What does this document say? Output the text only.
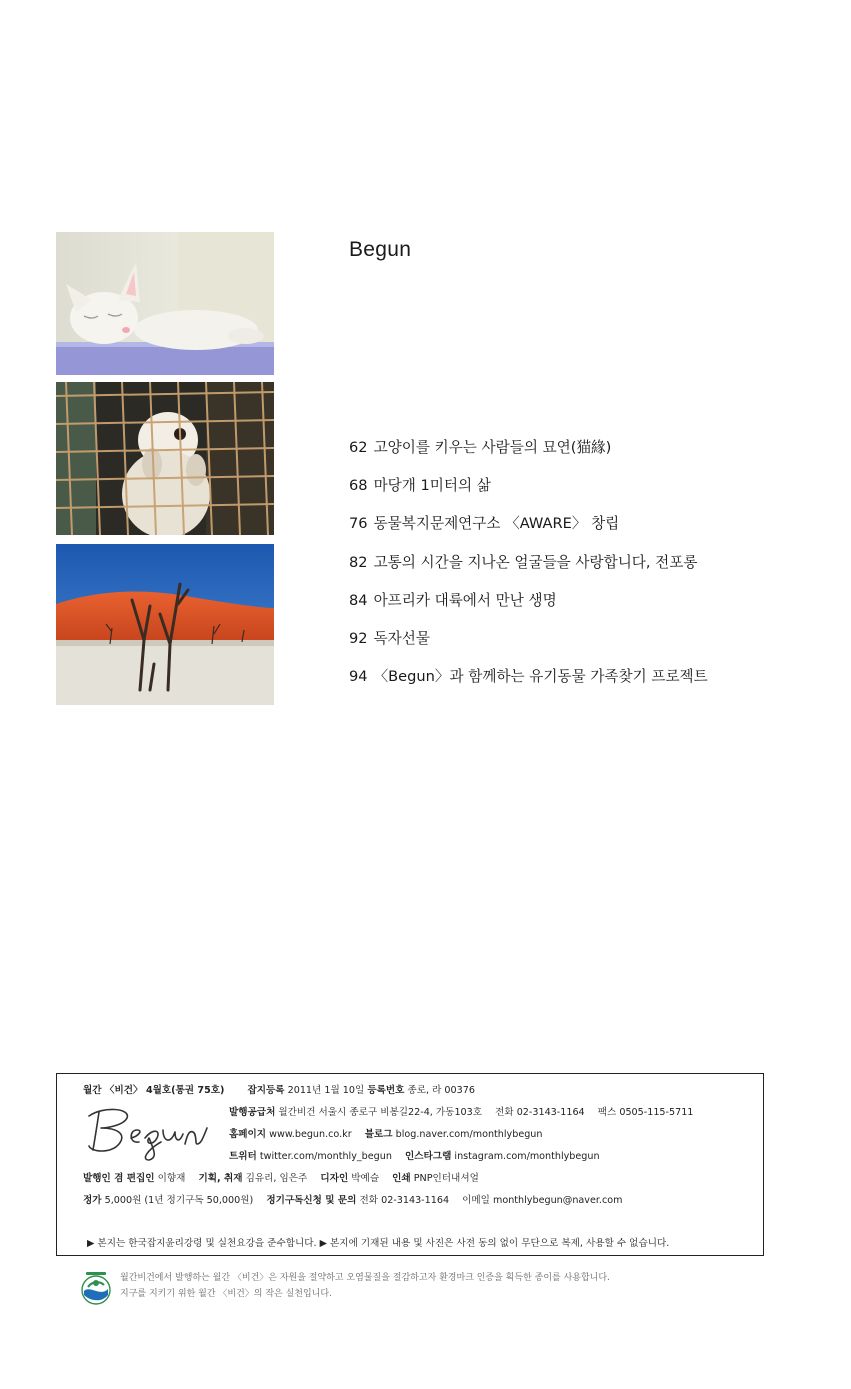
Begun
62 고양이를 키우는 사람들의 묘연(猫緣)
68 마당개 1미터의 삶
76 동물복지문제연구소 〈AWARE〉 창립
82 고통의 시간을 지나온 얼굴들을 사랑합니다, 전포롱
84 아프리카 대륙에서 만난 생명
92 독자선물
94 〈Begun〉과 함께하는 유기동물 가족찾기 프로젝트
월간 〈비건〉 4월호(통권 75호) 잡지등록 2011년 1월 10일 등록번호 종로, 라 00376
발행공급처 월간비건 서울시 종로구 비봉길22-4, 가동103호 전화 02-3143-1164 팩스 0505-115-5711
홈페이지 www.begun.co.kr 블로그 blog.naver.com/monthlybegun
트위터 twitter.com/monthly_begun 인스타그램 instagram.com/monthlybegun
발행인 겸 편집인 이향재 기획, 취재 김유리, 임은주 디자인 박예슬 인쇄 PNP인터내셔얼
정가 5,000원 (1년 정기구독 50,000원) 정기구독신청 및 문의 전화 02-3143-1164 이메일 monthlybegun@naver.com
▶ 본지는 한국잡지윤리강령 및 실천요강을 준수합니다. ▶ 본지에 기재된 내용 및 사진은 사전 동의 없이 무단으로 복제, 사용할 수 없습니다.
월간비건에서 발행하는 월간 〈비건〉은 자원을 절약하고 오염물질을 절감하고자 환경마크 인증을 획득한 종이를 사용합니다.
지구를 지키기 위한 월간 〈비건〉의 작은 실천입니다.
